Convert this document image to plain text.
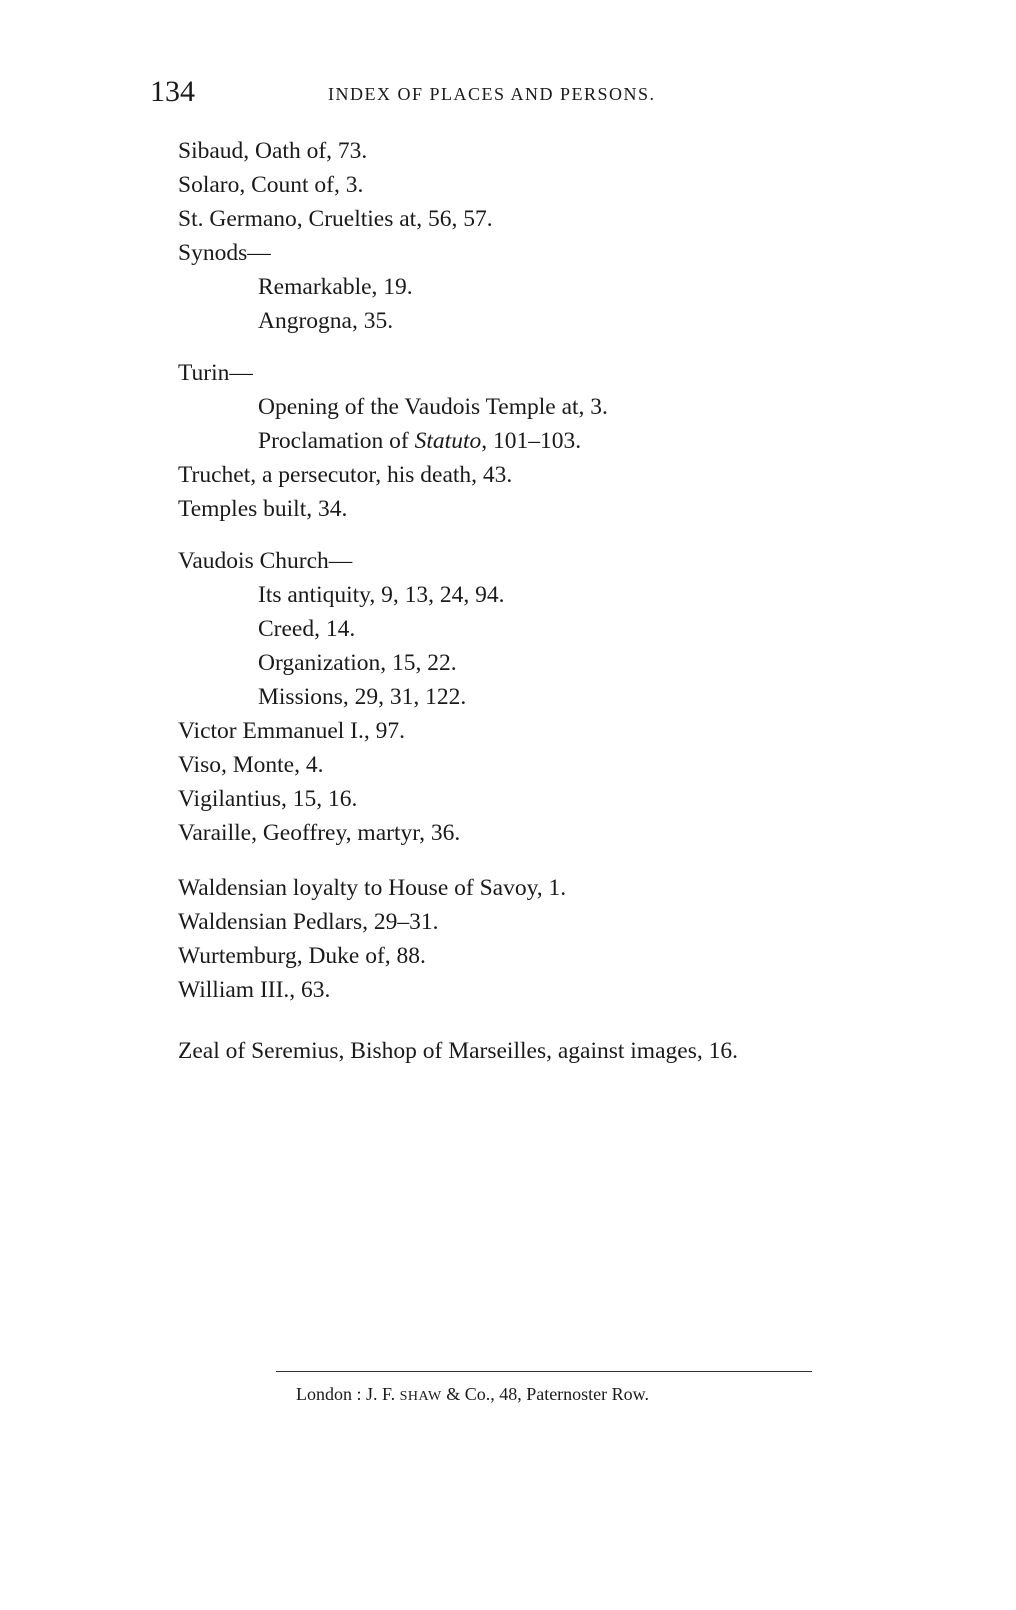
134	INDEX OF PLACES AND PERSONS.
Sibaud, Oath of, 73.
Solaro, Count of, 3.
St. Germano, Cruelties at, 56, 57.
Synods—
Remarkable, 19.
Angrogna, 35.
Turin—
Opening of the Vaudois Temple at, 3.
Proclamation of Statuto, 101–103.
Truchet, a persecutor, his death, 43.
Temples built, 34.
Vaudois Church—
Its antiquity, 9, 13, 24, 94.
Creed, 14.
Organization, 15, 22.
Missions, 29, 31, 122.
Victor Emmanuel I., 97.
Viso, Monte, 4.
Vigilantius, 15, 16.
Varaille, Geoffrey, martyr, 36.
Waldensian loyalty to House of Savoy, 1.
Waldensian Pedlars, 29–31.
Wurtemburg, Duke of, 88.
William III., 63.
Zeal of Seremius, Bishop of Marseilles, against images, 16.
London : J. F. SHAW & Co., 48, Paternoster Row.
